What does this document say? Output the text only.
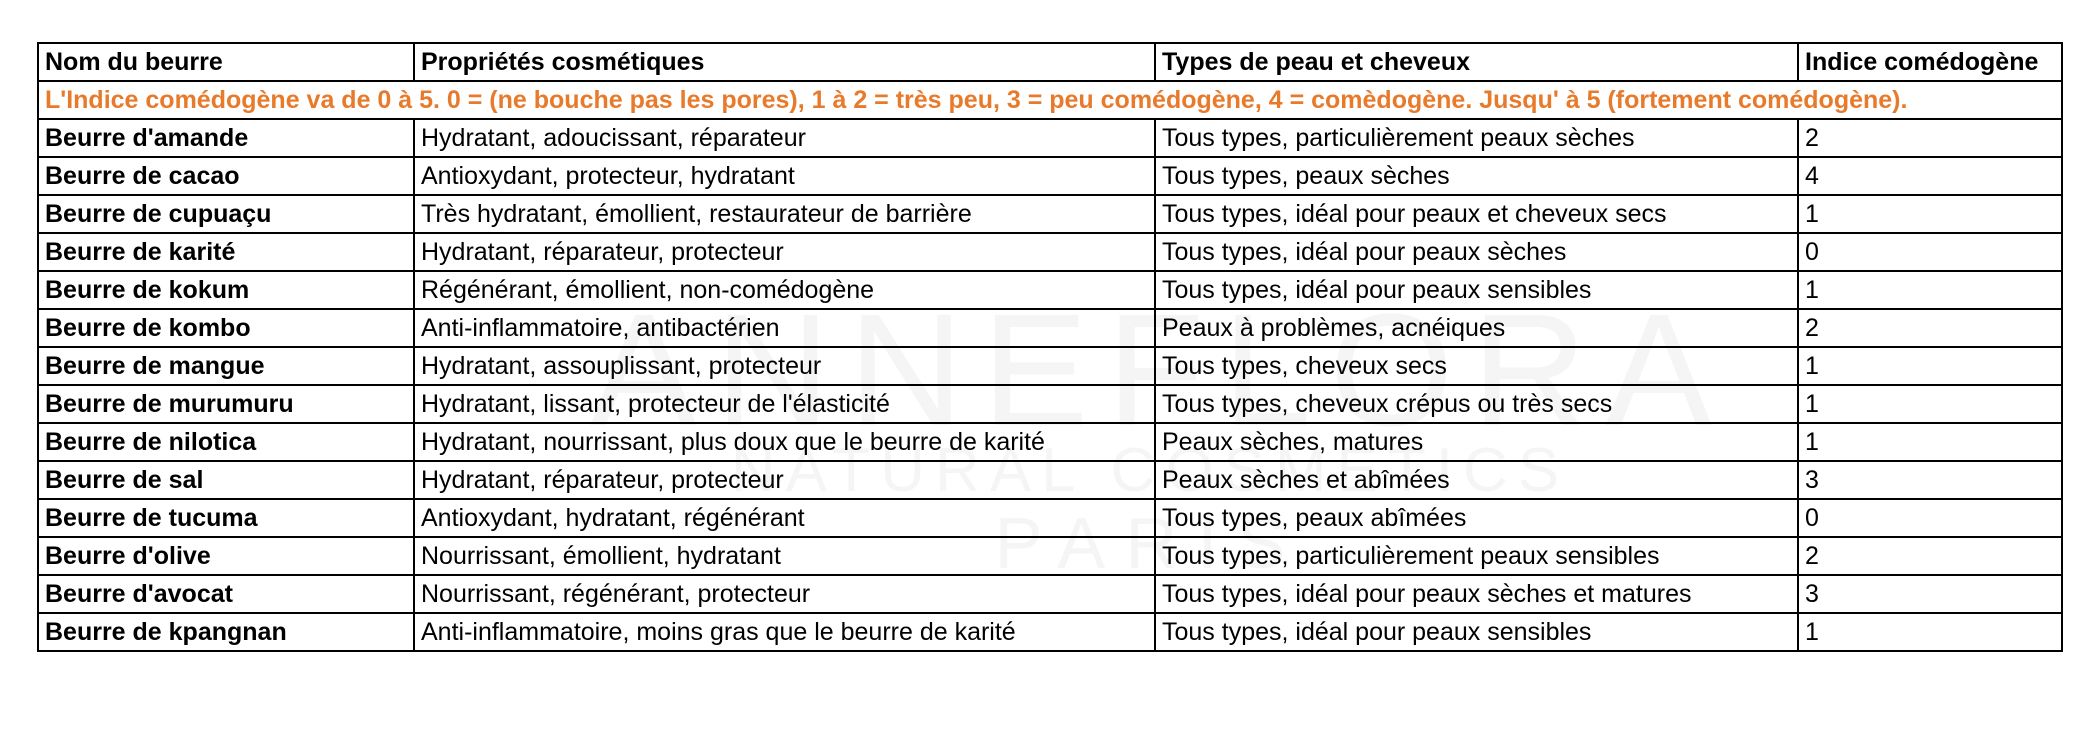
Nom du beurre	Propriétés cosmétiques	Types de peau et cheveux	Indice comédogène
L'Indice comédogène va de 0 à 5. 0 = (ne bouche pas les pores), 1 à 2 = très peu, 3 = peu comédogène, 4 = comèdogène. Jusqu' à 5 (fortement comédogène).			
Beurre d'amande	Hydratant, adoucissant, réparateur	Tous types, particulièrement peaux sèches	2
Beurre de cacao	Antioxydant, protecteur, hydratant	Tous types, peaux sèches	4
Beurre de cupuaçu	Très hydratant, émollient, restaurateur de barrière	Tous types, idéal pour peaux et cheveux secs	1
Beurre de karité	Hydratant, réparateur, protecteur	Tous types, idéal pour peaux sèches	0
Beurre de kokum	Régénérant, émollient, non-comédogène	Tous types, idéal pour peaux sensibles	1
Beurre de kombo	Anti-inflammatoire, antibactérien	Peaux à problèmes, acnéiques	2
Beurre de mangue	Hydratant, assouplissant, protecteur	Tous types, cheveux secs	1
Beurre de murumuru	Hydratant, lissant, protecteur de l'élasticité	Tous types, cheveux crépus ou très secs	1
Beurre de nilotica	Hydratant, nourrissant, plus doux que le beurre de karité	Peaux sèches, matures	1
Beurre de sal	Hydratant, réparateur, protecteur	Peaux sèches et abîmées	3
Beurre de tucuma	Antioxydant, hydratant, régénérant	Tous types, peaux abîmées	0
Beurre d'olive	Nourrissant, émollient, hydratant	Tous types, particulièrement peaux sensibles	2
Beurre d'avocat	Nourrissant, régénérant, protecteur	Tous types, idéal pour peaux sèches et matures	3
Beurre de kpangnan	Anti-inflammatoire, moins gras que le beurre de karité	Tous types, idéal pour peaux sensibles	1
